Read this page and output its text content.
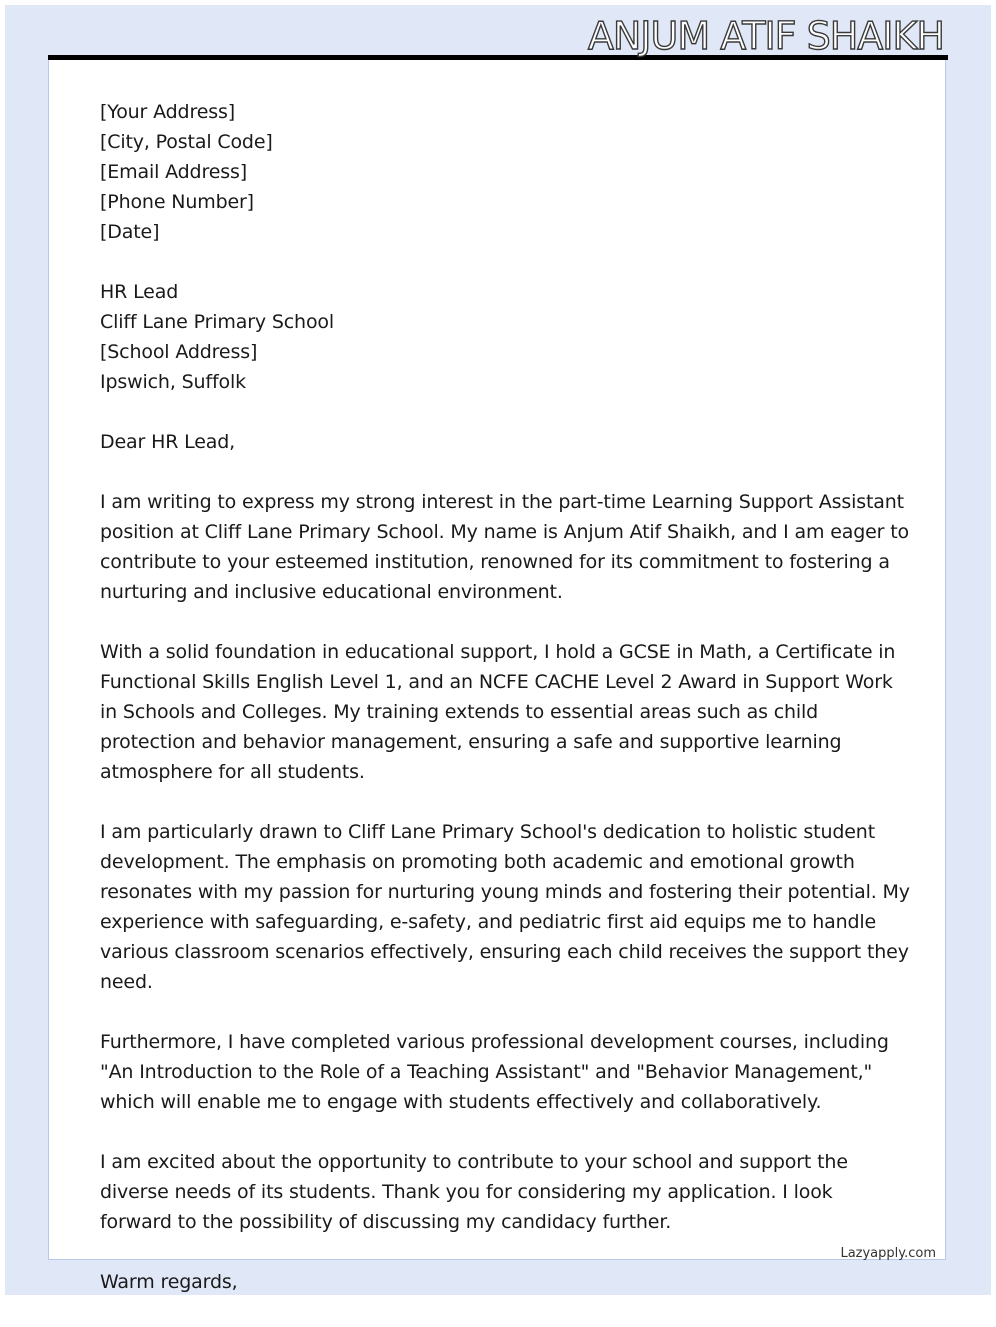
ANJUM ATIF SHAIKH

[Your Address]
[City, Postal Code]
[Email Address]
[Phone Number]
[Date]

HR Lead
Cliff Lane Primary School
[School Address]
Ipswich, Suffolk

Dear HR Lead,

I am writing to express my strong interest in the part-time Learning Support Assistant position at Cliff Lane Primary School. My name is Anjum Atif Shaikh, and I am eager to contribute to your esteemed institution, renowned for its commitment to fostering a nurturing and inclusive educational environment.

With a solid foundation in educational support, I hold a GCSE in Math, a Certificate in Functional Skills English Level 1, and an NCFE CACHE Level 2 Award in Support Work in Schools and Colleges. My training extends to essential areas such as child protection and behavior management, ensuring a safe and supportive learning atmosphere for all students.

I am particularly drawn to Cliff Lane Primary School's dedication to holistic student development. The emphasis on promoting both academic and emotional growth resonates with my passion for nurturing young minds and fostering their potential. My experience with safeguarding, e-safety, and pediatric first aid equips me to handle various classroom scenarios effectively, ensuring each child receives the support they need.

Furthermore, I have completed various professional development courses, including "An Introduction to the Role of a Teaching Assistant" and "Behavior Management," which will enable me to engage with students effectively and collaboratively.

I am excited about the opportunity to contribute to your school and support the diverse needs of its students. Thank you for considering my application. I look forward to the possibility of discussing my candidacy further.

Warm regards,

Lazyapply.com
